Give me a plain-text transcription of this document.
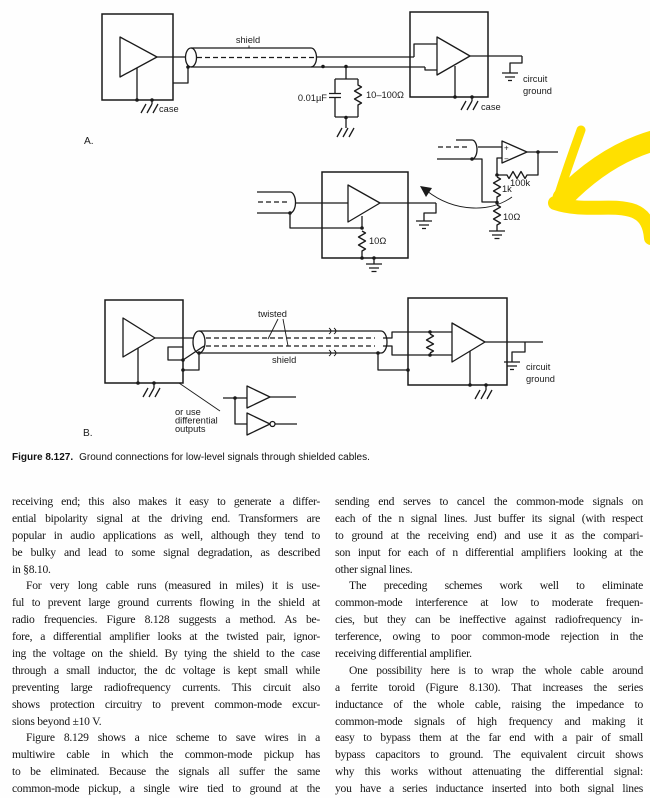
case
shield
0.01µF	10–100Ω
case
circuit
ground
A.
10Ω
+
−
100k
1k
10Ω
twisted
shield
circuit
ground
or use
differential
outputs
B.
Figure 8.127. Ground connections for low-level signals through shielded cables.
receiving end; this also makes it easy to generate a differ-
ential bipolarity signal at the driving end. Transformers are
popular in audio applications as well, although they tend to
be bulky and lead to some signal degradation, as described
in §8.10.
For very long cable runs (measured in miles) it is use-
ful to prevent large ground currents flowing in the shield at
radio frequencies. Figure 8.128 suggests a method. As be-
fore, a differential amplifier looks at the twisted pair, ignor-
ing the voltage on the shield. By tying the shield to the case
through a small inductor, the dc voltage is kept small while
preventing large radiofrequency currents. This circuit also
shows protection circuitry to prevent common-mode excur-
sions beyond ±10 V.
Figure 8.129 shows a nice scheme to save wires in a
multiwire cable in which the common-mode pickup has
to be eliminated. Because the signals all suffer the same
common-mode pickup, a single wire tied to ground at the
sending end serves to cancel the common-mode signals on
each of the n signal lines. Just buffer its signal (with respect
to ground at the receiving end) and use it as the compari-
son input for each of n differential amplifiers looking at the
other signal lines.
The preceding schemes work well to eliminate
common-mode interference at low to moderate frequen-
cies, but they can be ineffective against radiofrequency in-
terference, owing to poor common-mode rejection in the
receiving differential amplifier.
One possibility here is to wrap the whole cable around
a ferrite toroid (Figure 8.130). That increases the series
inductance of the whole cable, raising the impedance to
common-mode signals of high frequency and making it
easy to bypass them at the far end with a pair of small
bypass capacitors to ground. The equivalent circuit shows
why this works without attenuating the differential signal:
you have a series inductance inserted into both signal lines
